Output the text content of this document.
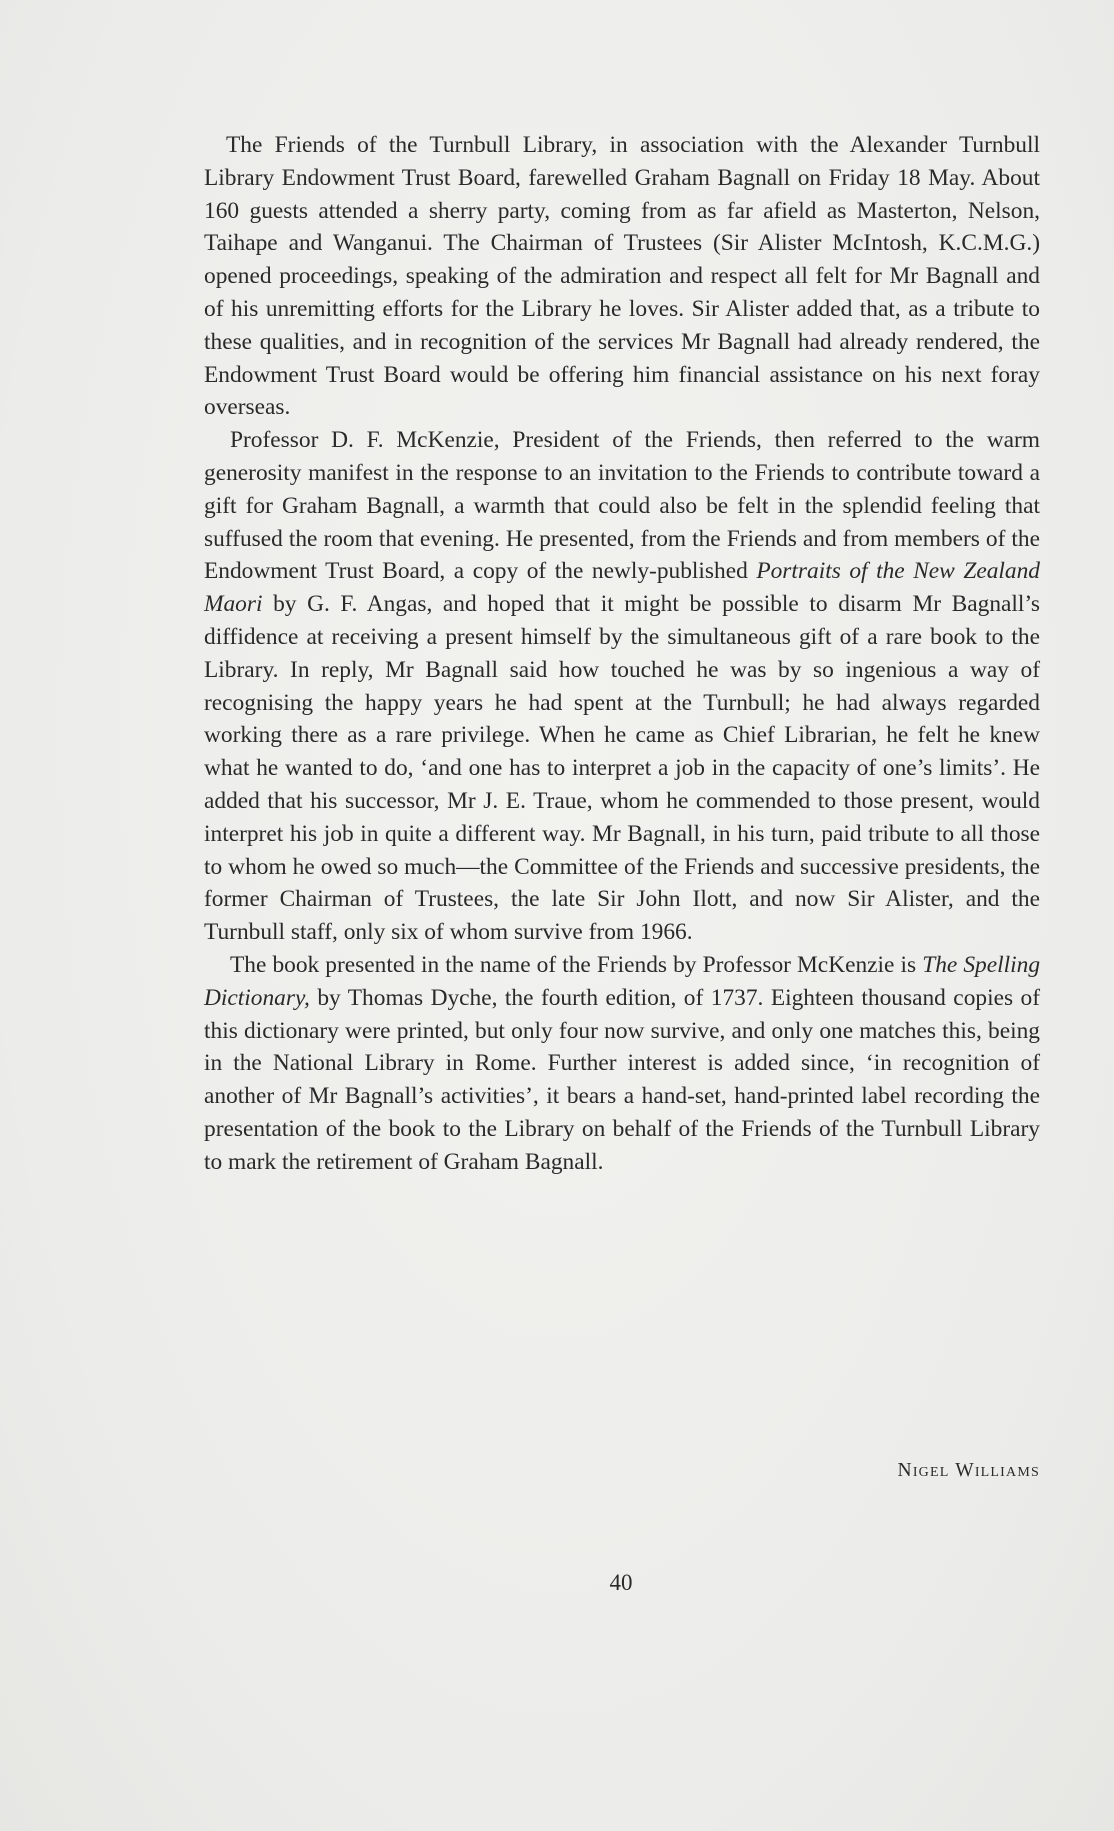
The Friends of the Turnbull Library, in association with the Alexander Turnbull Library Endowment Trust Board, farewelled Graham Bagnall on Friday 18 May. About 160 guests attended a sherry party, coming from as far afield as Masterton, Nelson, Taihape and Wanganui. The Chairman of Trustees (Sir Alister McIntosh, K.C.M.G.) opened proceedings, speaking of the admiration and respect all felt for Mr Bagnall and of his unremitting efforts for the Library he loves. Sir Alister added that, as a tribute to these qualities, and in recognition of the services Mr Bagnall had already rendered, the Endowment Trust Board would be offering him financial assistance on his next foray overseas.

Professor D. F. McKenzie, President of the Friends, then referred to the warm generosity manifest in the response to an invitation to the Friends to contribute toward a gift for Graham Bagnall, a warmth that could also be felt in the splendid feeling that suffused the room that evening. He presented, from the Friends and from members of the Endowment Trust Board, a copy of the newly-published Portraits of the New Zealand Maori by G. F. Angas, and hoped that it might be possible to disarm Mr Bagnall’s diffidence at receiving a present himself by the simultaneous gift of a rare book to the Library. In reply, Mr Bagnall said how touched he was by so ingenious a way of recognising the happy years he had spent at the Turnbull; he had always regarded working there as a rare privilege. When he came as Chief Librarian, he felt he knew what he wanted to do, ‘and one has to interpret a job in the capacity of one’s limits’. He added that his successor, Mr J. E. Traue, whom he commended to those present, would interpret his job in quite a different way. Mr Bagnall, in his turn, paid tribute to all those to whom he owed so much—the Committee of the Friends and successive presidents, the former Chairman of Trustees, the late Sir John Ilott, and now Sir Alister, and the Turnbull staff, only six of whom survive from 1966.

The book presented in the name of the Friends by Professor McKenzie is The Spelling Dictionary, by Thomas Dyche, the fourth edition, of 1737. Eighteen thousand copies of this dictionary were printed, but only four now survive, and only one matches this, being in the National Library in Rome. Further interest is added since, ‘in recognition of another of Mr Bagnall’s activities’, it bears a hand-set, hand-printed label recording the presentation of the book to the Library on behalf of the Friends of the Turnbull Library to mark the retirement of Graham Bagnall.

Nigel Williams
40
